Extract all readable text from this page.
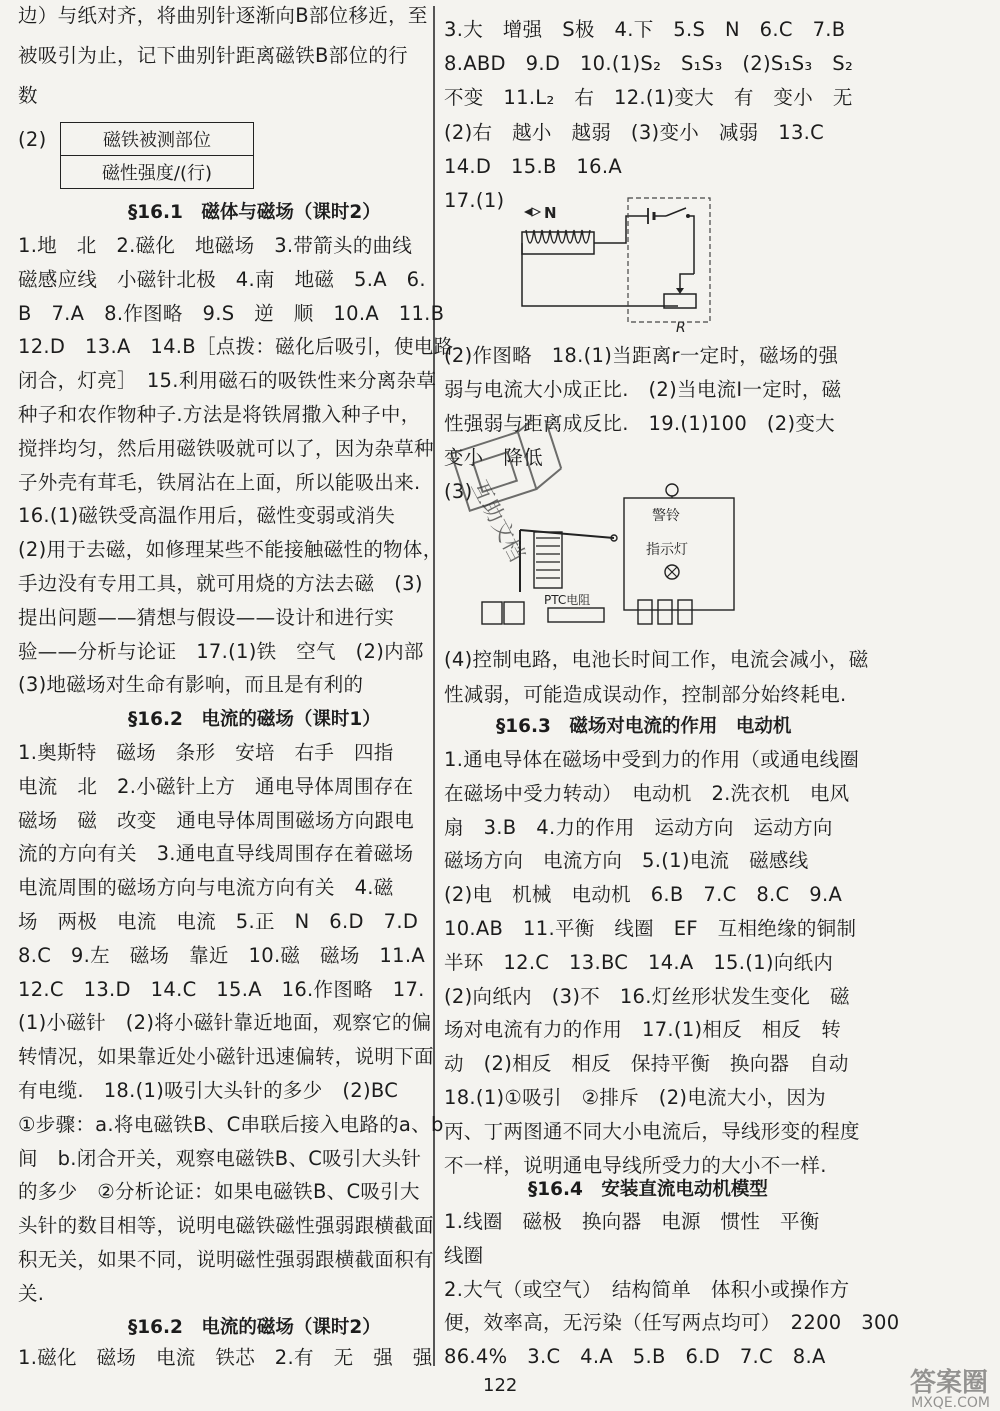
边）与纸对齐，将曲别针逐渐向B部位移近，至
被吸引为止，记下曲别针距离磁铁B部位的行
数
(2)	磁铁被测部位
磁性强度/(行)
§16.1　磁体与磁场（课时2）
1.地　北　2.磁化　地磁场　3.带箭头的曲线
磁感应线　小磁针北极　4.南　地磁　5.A　6.
B　7.A　8.作图略　9.S　逆　顺　10.A　11.B
12.D　13.A　14.B［点拨：磁化后吸引，使电路
闭合，灯亮］　15.利用磁石的吸铁性来分离杂草
种子和农作物种子.方法是将铁屑撒入种子中，
搅拌均匀，然后用磁铁吸就可以了，因为杂草种
子外壳有茸毛，铁屑沾在上面，所以能吸出来.
16.(1)磁铁受高温作用后，磁性变弱或消失
(2)用于去磁，如修理某些不能接触磁性的物体，
手边没有专用工具，就可用烧的方法去磁　(3)
提出问题——猜想与假设——设计和进行实
验——分析与论证　17.(1)铁　空气　(2)内部
(3)地磁场对生命有影响，而且是有利的
§16.2　电流的磁场（课时1）
1.奥斯特　磁场　条形　安培　右手　四指
电流　北　2.小磁针上方　通电导体周围存在
磁场　磁　改变　通电导体周围磁场方向跟电
流的方向有关　3.通电直导线周围存在着磁场
电流周围的磁场方向与电流方向有关　4.磁
场　两极　电流　电流　5.正　N　6.D　7.D
8.C　9.左　磁场　靠近　10.磁　磁场　11.A
12.C　13.D　14.C　15.A　16.作图略　17.
(1)小磁针　(2)将小磁针靠近地面，观察它的偏
转情况，如果靠近处小磁针迅速偏转，说明下面
有电缆.　18.(1)吸引大头针的多少　(2)BC
①步骤：a.将电磁铁B、C串联后接入电路的a、b
间　b.闭合开关，观察电磁铁B、C吸引大头针
的多少　②分析论证：如果电磁铁B、C吸引大
头针的数目相等，说明电磁铁磁性强弱跟横截面
积无关，如果不同，说明磁性强弱跟横截面积有
关.
§16.2　电流的磁场（课时2）
1.磁化　磁场　电流　铁芯　2.有　无　强　强
3.大　增强　S极　4.下　5.S　N　6.C　7.B
8.ABD　9.D　10.(1)S₂　S₁S₃　(2)S₁S₃　S₂
不变　11.L₂　右　12.(1)变大　有　变小　无
(2)右　越小　越弱　(3)变小　减弱　13.C
14.D　15.B　16.A
17.(1)
N
R
(2)作图略　18.(1)当距离r一定时，磁场的强
弱与电流大小成正比.　(2)当电流I一定时，磁
性强弱与距离成反比.　19.(1)100　(2)变大
变小　降低
(3)
警铃
指示灯
PTC电阻
(4)控制电路，电池长时间工作，电流会减小，磁
性减弱，可能造成误动作，控制部分始终耗电.
§16.3　磁场对电流的作用　电动机
1.通电导体在磁场中受到力的作用（或通电线圈
在磁场中受力转动）　电动机　2.洗衣机　电风
扇　3.B　4.力的作用　运动方向　运动方向
磁场方向　电流方向　5.(1)电流　磁感线
(2)电　机械　电动机　6.B　7.C　8.C　9.A
10.AB　11.平衡　线圈　EF　互相绝缘的铜制
半环　12.C　13.BC　14.A　15.(1)向纸内
(2)向纸内　(3)不　16.灯丝形状发生变化　磁
场对电流有力的作用　17.(1)相反　相反　转
动　(2)相反　相反　保持平衡　换向器　自动
18.(1)①吸引　②排斥　(2)电流大小，因为
丙、丁两图通不同大小电流后，导线形变的程度
不一样，说明通电导线所受力的大小不一样.
§16.4　安装直流电动机模型
1.线圈　磁极　换向器　电源　惯性　平衡
线圈
2.大气（或空气）　结构简单　体积小或操作方
便，效率高，无污染（任写两点均可）　2200　300
86.4%　3.C　4.A　5.B　6.D　7.C　8.A
互助文档
122	答案圈
MXQE.COM
